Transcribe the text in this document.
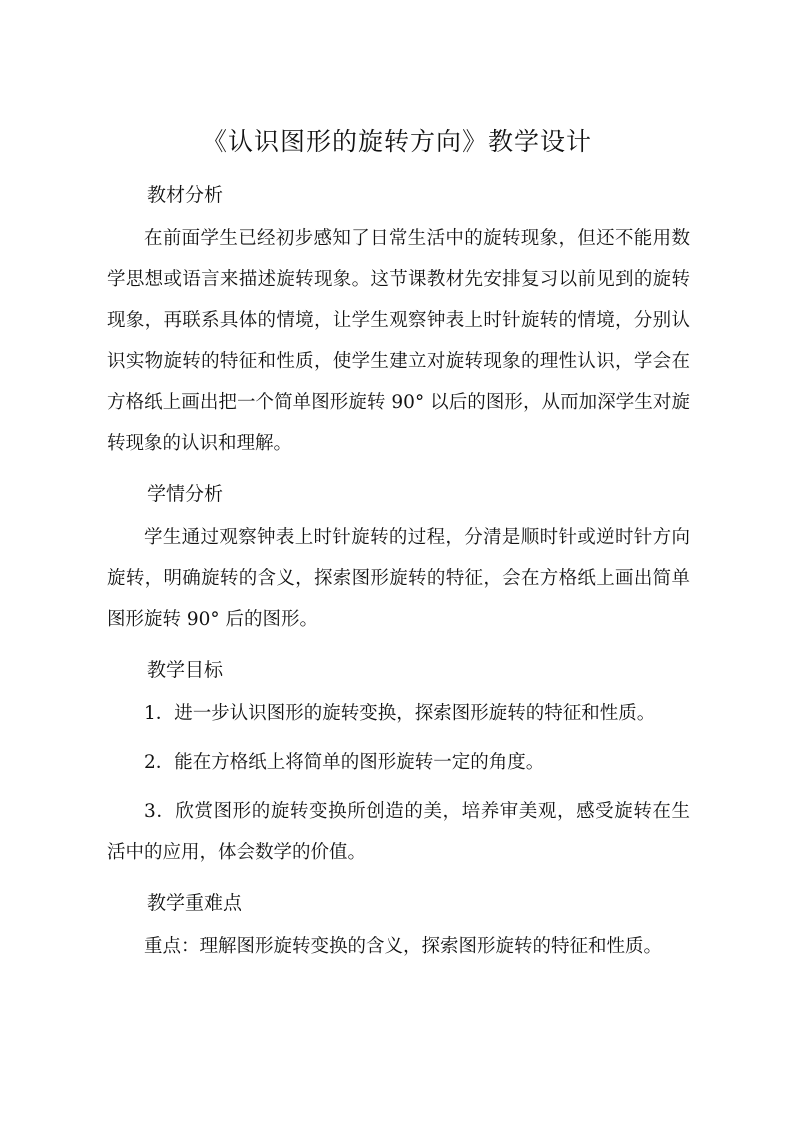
《认识图形的旋转方向》教学设计
教材分析

在前面学生已经初步感知了日常生活中的旋转现象，但还不能用数学思想或语言来描述旋转现象。这节课教材先安排复习以前见到的旋转现象，再联系具体的情境，让学生观察钟表上时针旋转的情境，分别认识实物旋转的特征和性质，使学生建立对旋转现象的理性认识，学会在方格纸上画出把一个简单图形旋转 90° 以后的图形，从而加深学生对旋转现象的认识和理解。

学情分析

学生通过观察钟表上时针旋转的过程，分清是顺时针或逆时针方向旋转，明确旋转的含义，探索图形旋转的特征，会在方格纸上画出简单图形旋转 90° 后的图形。

教学目标

1．进一步认识图形的旋转变换，探索图形旋转的特征和性质。

2．能在方格纸上将简单的图形旋转一定的角度。

3．欣赏图形的旋转变换所创造的美，培养审美观，感受旋转在生活中的应用，体会数学的价值。

教学重难点

重点：理解图形旋转变换的含义，探索图形旋转的特征和性质。
